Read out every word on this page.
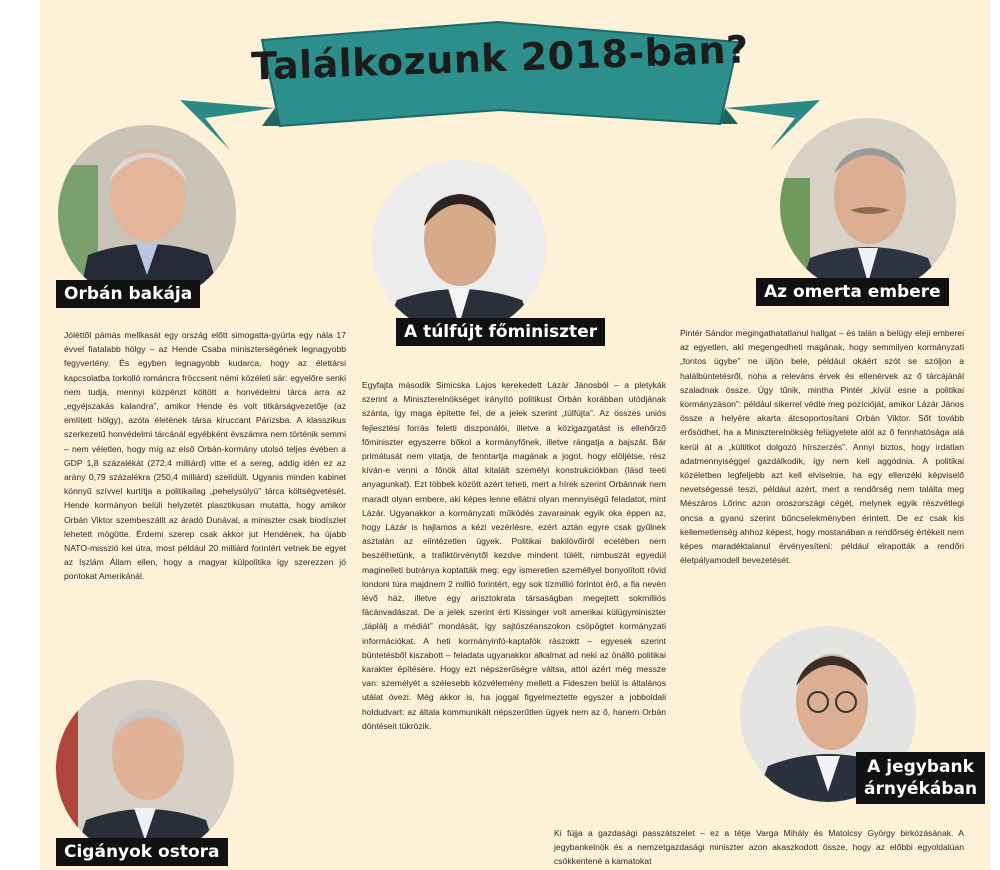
Találkozunk 2018-ban?
Orbán bakája
A túlfújt főminiszter
Az omerta embere
Cigányok ostora
A jegybank
árnyékában
Jóléttől pámás mellkasát egy ország előtt simogatta-gyúrta egy nála 17 évvel fiatalabb hölgy – az Hende Csaba miniszterségének legnagyobb fegyvertény. És egyben legnagyobb kudarca, hogy az élettársi kapcsolatba torkolló románcra fröccsent némi közéleti sár: egyelőre senki nem tudja, mennyi közpénzt költött a honvédelmi tárca arra az „egyéjszakás kalandra”, amikor Hende és volt titkárságvezetője (az említett hölgy), azóta életének társa kiruccant Párizsba. A klasszikus szerkezetű honvédelmi tárcánál egyébként évszámra nem történik semmi – nem véletlen, hogy míg az első Orbán-kormány utolsó teljes évében a GDP 1,8 százalékát (272,4 milliárd) vitte el a sereg, addig idén ez az arány 0,79 százalékra (250,4 milliárd) szelídült. Ugyanis minden kabinet könnyű szívvel kurtítja a politikailag „pehelysúlyú” tárca költségvetését. Hende kormányon belüli helyzetét plasztikusan mutatta, hogy amikor Orbán Viktor szembeszállt az áradó Dunával, a miniszter csak biodíszlet lehetett mögötte. Érdemi szerep csak akkor jut Hendének, ha újabb NATO-misszió kel útra, most például 20 milliárd forintért vetnek be egyet az Iszlám Állam ellen, hogy a magyar külpolitika így szerezzen jó pontokat Amerikánál.
Egyfajta második Simicska Lajos kerekedett Lázár Jánosból – a pletykák szerint a Miniszterelnökséget irányító politikust Orbán korábban utódjának szánta, így maga építette fel, de a jelek szerint „túlfújta”. Az összes uniós fejlesztési forrás feletti diszponálói, illetve a közigazgatást is ellenőrző főminiszter egyszerre bőkol a kormányfőnek, illetve rángatja a bajszát. Bár primátusát nem vitatja, de fenntartja magának a jogot, hogy elöljétse, rész kíván-e venni a főnök által kitalált személyi konstrukciókban (lásd teeti anyagunkat). Ezt többek között azért teheti, mert a hírek szerint Orbánnak nem maradt olyan embere, aki képes lenne ellátni olyan mennyiségű feladatot, mint Lázár. Ugyanakkor a kormányzati működés zavarainak egyik oka éppen az, hogy Lázár is hajlamos a kézi vezérlésre, ezért aztán egyre csak gyűlnek asztalán az elintézetlen ügyek. Politikai bakilövőiről ecetében nem beszélhetünk, a trafiktörvénytől kezdve mindent túlélt, nimbuszát egyedül maginelleti butránya koptatták meg: egy ismeretlen személlyel bonyolított rövid londoni túra majdnem 2 millió forintért, egy sok tízmillió forintot érő, a fia nevén lévő ház, illetve egy arisztokrata társaságban megejtett sokmilliós fácánvadászat. De a jelek szerint érti Kissinger volt amerikai külügyminiszter „táplálj a médiát” mondását, így sajtószéanszokon csöpögtet kormányzati információkat. A heti kormányinfó-kaptafók rászoktt – egyesek szerint büntetésből kiszabott – feladata ugyanakkor alkalmat ad neki az önálló politikai karakter építésére. Hogy ezt népszerűségre váltsa, attól azért még messze van: személyét a szélesebb közvélemény mellett a Fideszen belül is általános utálat övezi. Még akkor is, ha joggal figyelmeztette egyszer a jobboldali holdudvart: az általa kommunikált népszerűtlen ügyek nem az ő, hanem Orbán döntéseit tükrözik.
Pintér Sándor megingathatatlanul hallgat – és talán a belügy eleji emberei az egyetlen, aki megengedheti magának, hogy semmilyen kormányzati „fontos ügybe” ne üljön bele, például okáért szót se szóljon a halálbüntetésről, noha a releváns érvek és ellenérvek az ő tárcájánál szaladnak össze. Úgy tűnik, mintha Pintér „kívül esne a politikai kormányzáson”: például sikerrel védte meg pozícióját, amikor Lázár János össze a helyére akarta átcsoportosítani Orbán Viktor. Sőt tovább erősödhet, ha a Miniszterelnökség felügyelete alól az ő fennhatósága alá kerül át a „kültitkot dolgozó hírszerzés”. Annyi biztos, hogy irdatlan adatmennyiséggel gazdálkodik, így nem kell aggódnia. A politikai közéletben legfeljebb azt kell elviselnie, ha egy ellenzéki képviselő nevetségessé teszi, például azért, mert a rendőrség nem találta meg Mészáros Lőrinc azon oroszországi cégét, melynek egyik részvétlegi oncsa a gyanú szerint bűncselekményben érintett. De ez csak kis kellemetlenség ahhoz képest, hogy mostanában a rendőrség értékeit nem képes maradéktalanul érvényesíteni: például elrapották a rendőri életpályamodell bevezetését.
Ki fújja a gazdasági passzátszelet – ez a tétje Varga Mihály és Matolcsy György birkózásának. A jegybankelnök és a nemzetgazdasági miniszter azon akaszkodott össze, hogy az előbbi egyoldalúan csökkentené a kamatokat
